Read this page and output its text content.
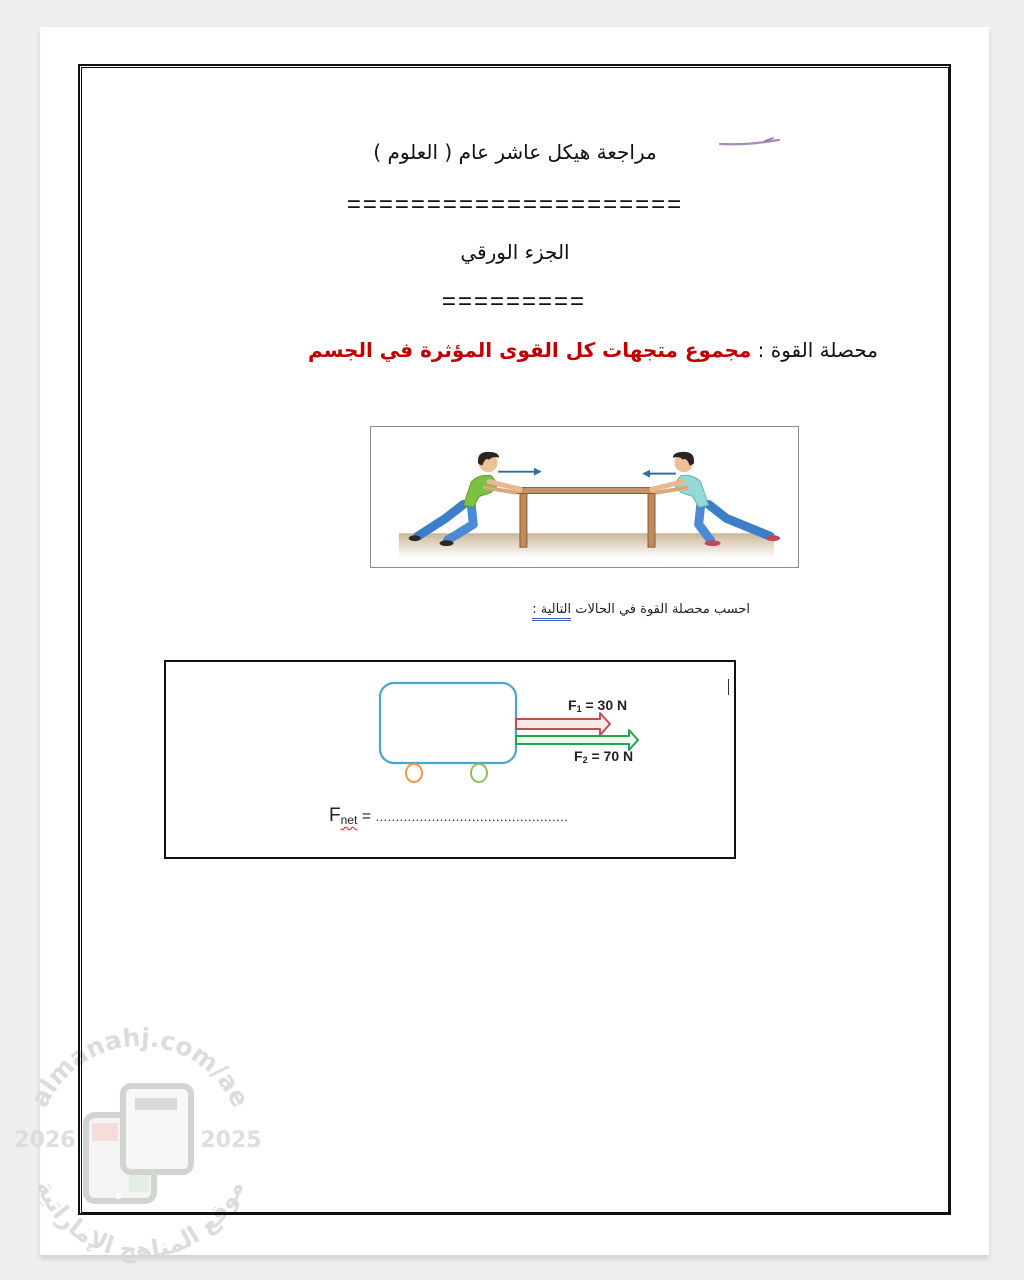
almanahj.com/ae
2026	2025
موقع المناهج الإماراتية
مراجعة هيكل عاشر عام ( العلوم )
=====================
الجزء الورقي
=========
محصلة القوة : مجموع متجهات كل القوى المؤثرة في الجسم
احسب محصلة القوة في الحالات التالية :
$F_1 = 30$ N
$F_2 = 70$ N
$F_{net}$ = ................................................
